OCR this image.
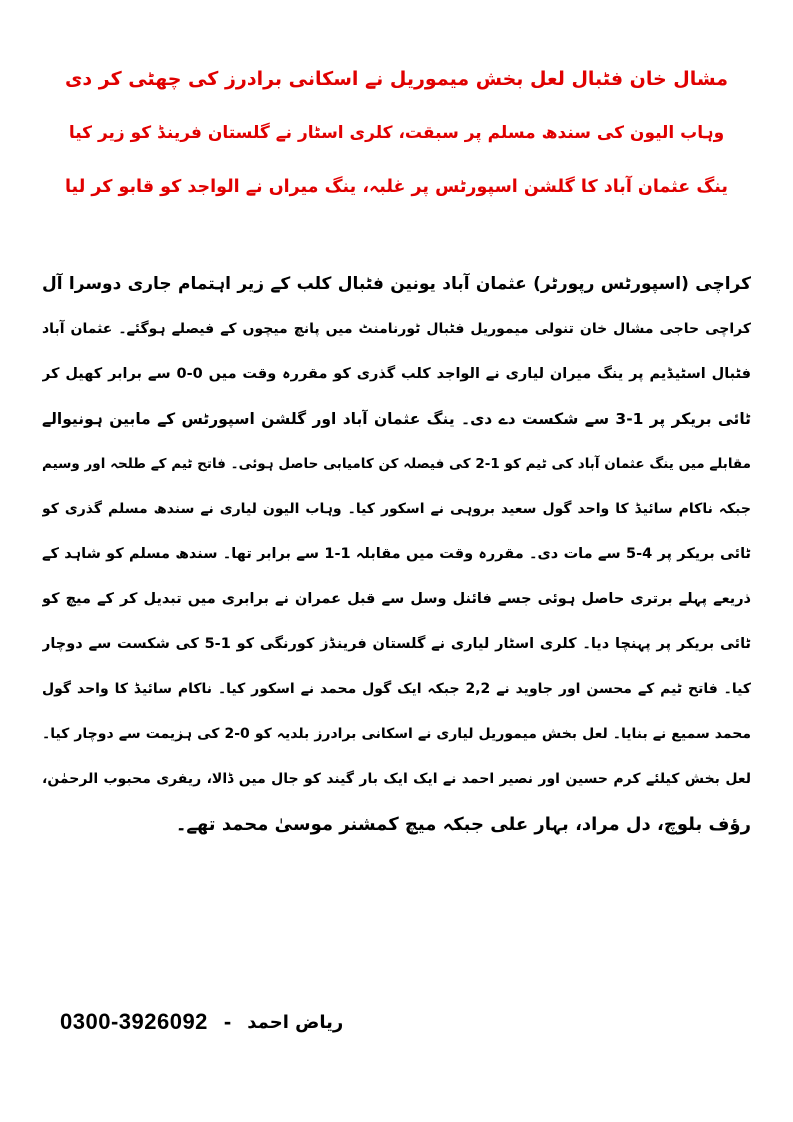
مشال خان فٹبال لعل بخش میموریل نے اسکانی برادرز کی چھٹی کر دی
وہاب الیون کی سندھ مسلم پر سبقت، کلری اسٹار نے گلستان فرینڈ کو زیر کیا
ینگ عثمان آباد کا گلشن اسپورٹس پر غلبہ، ینگ میراں نے الواجد کو قابو کر لیا
کراچی (اسپورٹس رپورٹر) عثمان آباد یونین فٹبال کلب کے زیر اہتمام جاری دوسرا آل
کراچی حاجی مشال خان تنولی میموریل فٹبال ٹورنامنٹ میں پانچ میچوں کے فیصلے ہوگئے۔ عثمان آباد
فٹبال اسٹیڈیم پر ینگ میران لیاری نے الواجد کلب گذری کو مقررہ وقت میں 0-0 سے برابر کھیل کر
ٹائی بریکر پر 1-3 سے شکست دے دی۔ ینگ عثمان آباد اور گلشن اسپورٹس کے مابین ہونیوالے
مقابلے میں ینگ عثمان آباد کی ٹیم کو 1-2 کی فیصلہ کن کامیابی حاصل ہوئی۔ فاتح ٹیم کے طلحہ اور وسیم
جبکہ ناکام سائیڈ کا واحد گول سعید بروہی نے اسکور کیا۔ وہاب الیون لیاری نے سندھ مسلم گذری کو
ٹائی بریکر پر 4-5 سے مات دی۔ مقررہ وقت میں مقابلہ 1-1 سے برابر تھا۔ سندھ مسلم کو شاہد کے
ذریعے پہلے برتری حاصل ہوئی جسے فائنل وسل سے قبل عمران نے برابری میں تبدیل کر کے میچ کو
ٹائی بریکر پر پہنچا دیا۔ کلری اسٹار لیاری نے گلستان فرینڈز کورنگی کو 1-5 کی شکست سے دوچار
کیا۔ فاتح ٹیم کے محسن اور جاوید نے 2,2 جبکہ ایک گول محمد نے اسکور کیا۔ ناکام سائیڈ کا واحد گول
محمد سمیع نے بنایا۔ لعل بخش میموریل لیاری نے اسکانی برادرز بلدیہ کو 0-2 کی ہزیمت سے دوچار کیا۔
لعل بخش کیلئے کرم حسین اور نصیر احمد نے ایک ایک بار گیند کو جال میں ڈالا، ریفری محبوب الرحمٰن،
رؤف بلوچ، دل مراد، بہار علی جبکہ میچ کمشنر موسیٰ محمد تھے۔
0300-3926092 - ریاض احمد
